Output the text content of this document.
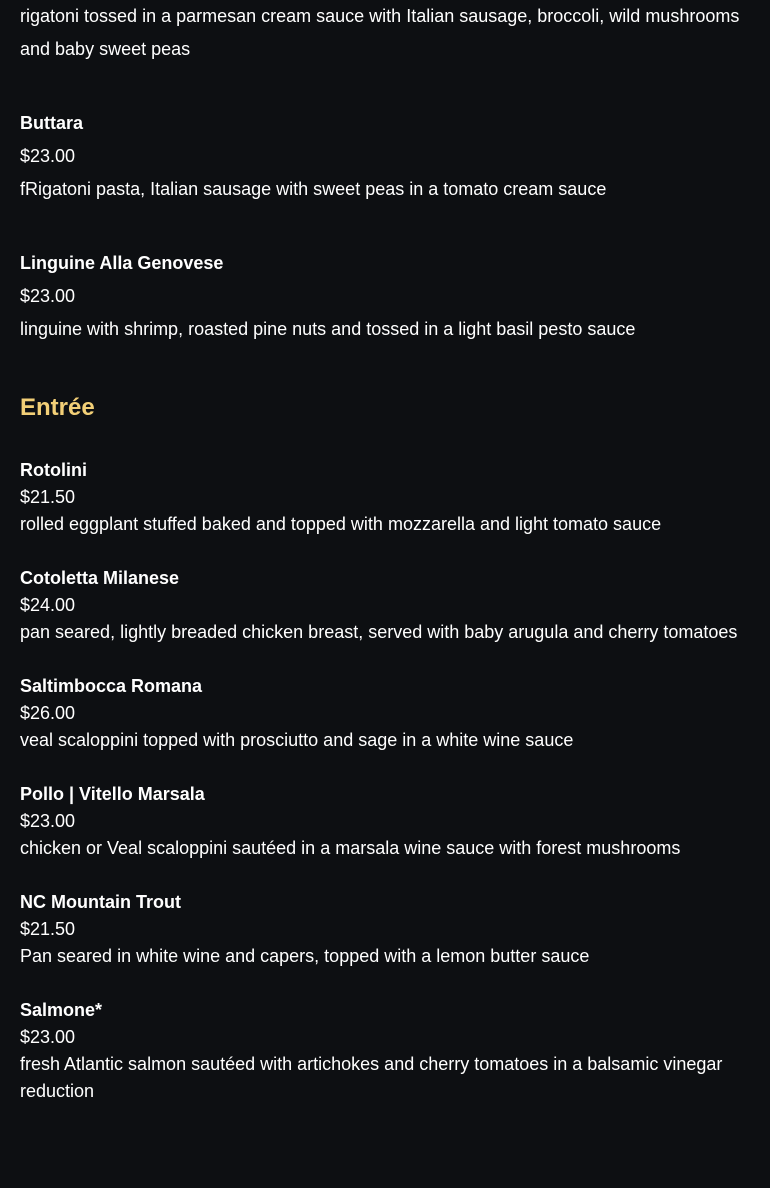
rigatoni tossed in a parmesan cream sauce with Italian sausage, broccoli, wild mushrooms and baby sweet peas

Buttara

$23.00

fRigatoni pasta, Italian sausage with sweet peas in a tomato cream sauce

Linguine Alla Genovese

$23.00

linguine with shrimp, roasted pine nuts and tossed in a light basil pesto sauce

Entrée

Rotolini

$21.50

rolled eggplant stuffed baked and topped with mozzarella and light tomato sauce

Cotoletta Milanese

$24.00

pan seared, lightly breaded chicken breast, served with baby arugula and cherry tomatoes

Saltimbocca Romana

$26.00

veal scaloppini topped with prosciutto and sage in a white wine sauce

Pollo | Vitello Marsala

$23.00

chicken or Veal scaloppini sautéed in a marsala wine sauce with forest mushrooms

NC Mountain Trout

$21.50

Pan seared in white wine and capers, topped with a lemon butter sauce

Salmone*

$23.00

fresh Atlantic salmon sautéed with artichokes and cherry tomatoes in a balsamic vinegar reduction
